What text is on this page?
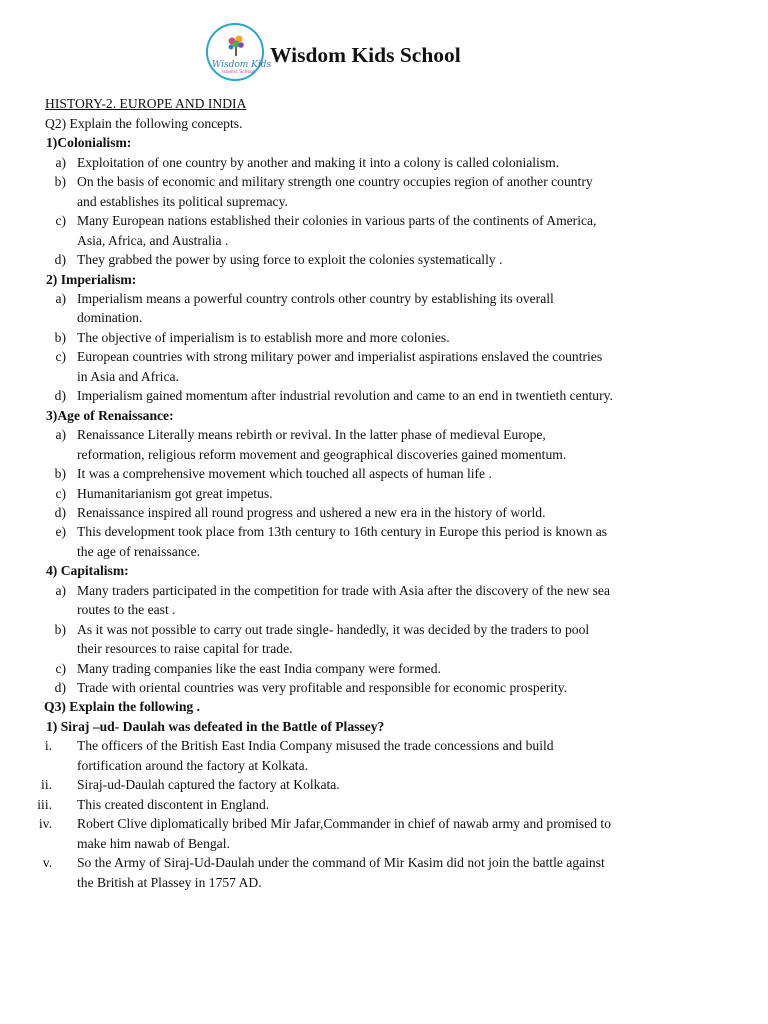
Wisdom Kids
Islamic School
Wisdom Kids School
HISTORY-2. EUROPE AND INDIA
Q2) Explain the following concepts.
1)Colonialism:
a) Exploitation of one country by another and making it into a colony is called colonialism.
b) On the basis of economic and military strength one country occupies region of another country
and establishes its political supremacy.
c) Many European nations established their colonies in various parts of the continents of America,
Asia, Africa, and Australia .
d) They grabbed the power by using force to exploit the colonies systematically .
2) Imperialism:
a) Imperialism means a powerful country controls other country by establishing its overall
domination.
b) The objective of imperialism is to establish more and more colonies.
c) European countries with strong military power and imperialist aspirations enslaved the countries
in Asia and Africa.
d) Imperialism gained momentum after industrial revolution and came to an end in twentieth century.
3)Age of Renaissance:
a) Renaissance Literally means rebirth or revival. In the latter phase of medieval Europe,
reformation, religious reform movement and geographical discoveries gained momentum.
b) It was a comprehensive movement which touched all aspects of human life .
c) Humanitarianism got great impetus.
d) Renaissance inspired all round progress and ushered a new era in the history of world.
e) This development took place from 13th century to 16th century in Europe this period is known as
the age of renaissance.
4) Capitalism:
a) Many traders participated in the competition for trade with Asia after the discovery of the new sea
routes to the east .
b) As it was not possible to carry out trade single- handedly, it was decided by the traders to pool
their resources to raise capital for trade.
c) Many trading companies like the east India company were formed.
d) Trade with oriental countries was very profitable and responsible for economic prosperity.
Q3) Explain the following .
1) Siraj –ud- Daulah was defeated in the Battle of Plassey?
i. The officers of the British East India Company misused the trade concessions and build
fortification around the factory at Kolkata.
ii. Siraj-ud-Daulah captured the factory at Kolkata.
iii. This created discontent in England.
iv. Robert Clive diplomatically bribed Mir Jafar,Commander in chief of nawab army and promised to
make him nawab of Bengal.
v. So the Army of Siraj-Ud-Daulah under the command of Mir Kasim did not join the battle against
the British at Plassey in 1757 AD.
